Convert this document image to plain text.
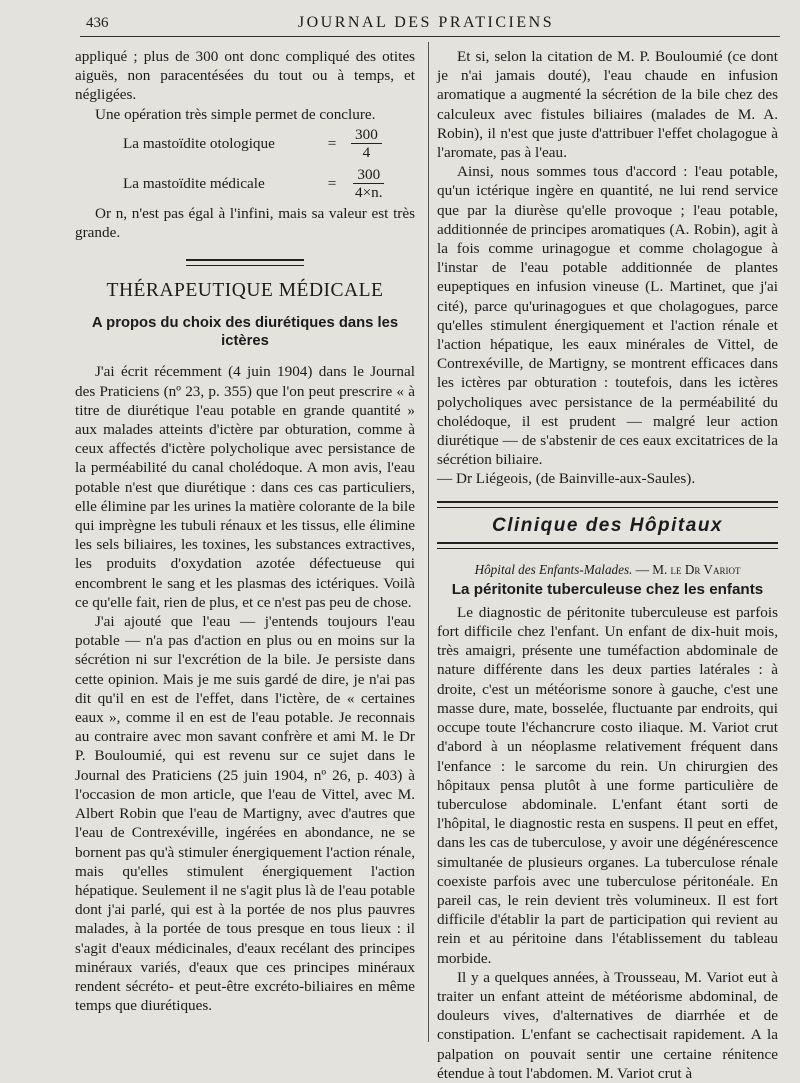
436	JOURNAL DES PRATICIENS

appliqué ; plus de 300 ont donc compliqué des otites aiguës, non paracentésées du tout ou à temps, et négligées.

Une opération très simple permet de conclure.

La mastoïdite otologique	= $\frac{300}{4}$
La mastoïdite médicale	= $\frac{300}{4\times n.}$

Or n, n'est pas égal à l'infini, mais sa valeur est très grande.

THÉRAPEUTIQUE MÉDICALE
A propos du choix des diurétiques dans les ictères

J'ai écrit récemment (4 juin 1904) dans le Journal des Praticiens (nº 23, p. 355) que l'on peut prescrire « à titre de diurétique l'eau potable en grande quantité » aux malades atteints d'ictère par obturation, comme à ceux affectés d'ictère polycholique avec persistance de la perméabilité du canal cholédoque. A mon avis, l'eau potable n'est que diurétique : dans ces cas particuliers, elle élimine par les urines la matière colorante de la bile qui imprègne les tubuli rénaux et les tissus, elle élimine les sels biliaires, les toxines, les substances extractives, les produits d'oxydation azotée défectueuse qui encombrent le sang et les plasmas des ictériques. Voilà ce qu'elle fait, rien de plus, et ce n'est pas peu de chose.

J'ai ajouté que l'eau — j'entends toujours l'eau potable — n'a pas d'action en plus ou en moins sur la sécrétion ni sur l'excrétion de la bile. Je persiste dans cette opinion. Mais je me suis gardé de dire, je n'ai pas dit qu'il en est de l'effet, dans l'ictère, de « certaines eaux », comme il en est de l'eau potable. Je reconnais au contraire avec mon savant confrère et ami M. le Dr P. Bouloumié, qui est revenu sur ce sujet dans le Journal des Praticiens (25 juin 1904, nº 26, p. 403) à l'occasion de mon article, que l'eau de Vittel, avec M. Albert Robin que l'eau de Martigny, avec d'autres que l'eau de Contrexéville, ingérées en abondance, ne se bornent pas qu'à stimuler énergiquement l'action rénale, mais qu'elles stimulent énergiquement l'action hépatique. Seulement il ne s'agit plus là de l'eau potable dont j'ai parlé, qui est à la portée de nos plus pauvres malades, à la portée de tous presque en tous lieux : il s'agit d'eaux médicinales, d'eaux recélant des principes minéraux variés, d'eaux que ces principes minéraux rendent sécréto- et peut-être excréto-biliaires en même temps que diurétiques.

Et si, selon la citation de M. P. Bouloumié (ce dont je n'ai jamais douté), l'eau chaude en infusion aromatique a augmenté la sécrétion de la bile chez des calculeux avec fistules biliaires (malades de M. A. Robin), il n'est que juste d'attribuer l'effet cholagogue à l'aromate, pas à l'eau.

Ainsi, nous sommes tous d'accord : l'eau potable, qu'un ictérique ingère en quantité, ne lui rend service que par la diurèse qu'elle provoque ; l'eau potable, additionnée de principes aromatiques (A. Robin), agit à la fois comme urinagogue et comme cholagogue à l'instar de l'eau potable additionnée de plantes eupeptiques en infusion vineuse (L. Martinet, que j'ai cité), parce qu'urinagogues et que cholagogues, parce qu'elles stimulent énergiquement et l'action rénale et l'action hépatique, les eaux minérales de Vittel, de Contrexéville, de Martigny, se montrent efficaces dans les ictères par obturation : toutefois, dans les ictères polycholiques avec persistance de la perméabilité du cholédoque, il est prudent — malgré leur action diurétique — de s'abstenir de ces eaux excitatrices de la sécrétion biliaire.

— Dr Liégeois, (de Bainville-aux-Saules).

Clinique des Hôpitaux
Hôpital des Enfants-Malades. — M. le Dr Variot
La péritonite tuberculeuse chez les enfants

Le diagnostic de péritonite tuberculeuse est parfois fort difficile chez l'enfant. Un enfant de dix-huit mois, très amaigri, présente une tuméfaction abdominale de nature différente dans les deux parties latérales : à droite, c'est un météorisme sonore à gauche, c'est une masse dure, mate, bosselée, fluctuante par endroits, qui occupe toute l'échancrure costo iliaque. M. Variot crut d'abord à un néoplasme relativement fréquent dans l'enfance : le sarcome du rein. Un chirurgien des hôpitaux pensa plutôt à une forme particulière de tuberculose abdominale. L'enfant étant sorti de l'hôpital, le diagnostic resta en suspens. Il peut en effet, dans les cas de tuberculose, y avoir une dégénérescence simultanée de plusieurs organes. La tuberculose rénale coexiste parfois avec une tuberculose péritonéale. En pareil cas, le rein devient très volumineux. Il est fort difficile d'établir la part de participation qui revient au rein et au péritoine dans l'établissement du tableau morbide.

Il y a quelques années, à Trousseau, M. Variot eut à traiter un enfant atteint de météorisme abdominal, de douleurs vives, d'alternatives de diarrhée et de constipation. L'enfant se cachectisait rapidement. A la palpation on pouvait sentir une certaine rénitence étendue à tout l'abdomen. M. Variot crut à
